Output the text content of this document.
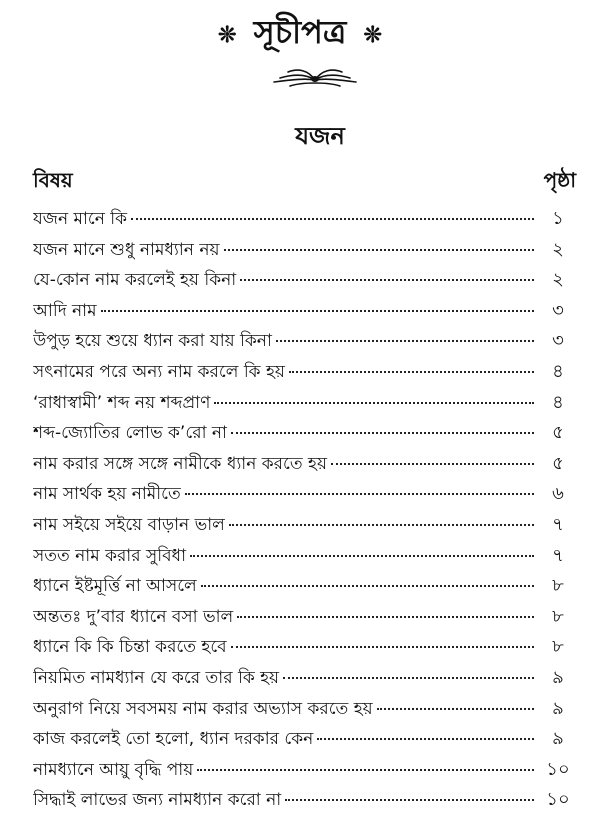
❊ সূচীপত্র ❊
যজন
বিষয়	পৃষ্ঠা
যজন মানে কি	১
যজন মানে শুধু নামধ্যান নয়	২
যে-কোন নাম করলেই হয় কিনা	২
আদি নাম	৩
উপুড় হয়ে শুয়ে ধ্যান করা যায় কিনা	৩
সৎনামের পরে অন্য নাম করলে কি হয়	৪
‘রাধাস্বামী’ শব্দ নয় শব্দপ্রাণ	৪
শব্দ-জ্যোতির লোভ ক’রো না	৫
নাম করার সঙ্গে সঙ্গে নামীকে ধ্যান করতে হয়	৫
নাম সার্থক হয় নামীতে	৬
নাম সইয়ে সইয়ে বাড়ান ভাল	৭
সতত নাম করার সুবিধা	৭
ধ্যানে ইষ্টমূর্ত্তি না আসলে	৮
অন্ততঃ দু’বার ধ্যানে বসা ভাল	৮
ধ্যানে কি কি চিন্তা করতে হবে	৮
নিয়মিত নামধ্যান যে করে তার কি হয়	৯
অনুরাগ নিয়ে সবসময় নাম করার অভ্যাস করতে হয়	৯
কাজ করলেই তো হলো, ধ্যান দরকার কেন	৯
নামধ্যানে আয়ু বৃদ্ধি পায়	১০
সিদ্ধাই লাভের জন্য নামধ্যান করো না	১০
